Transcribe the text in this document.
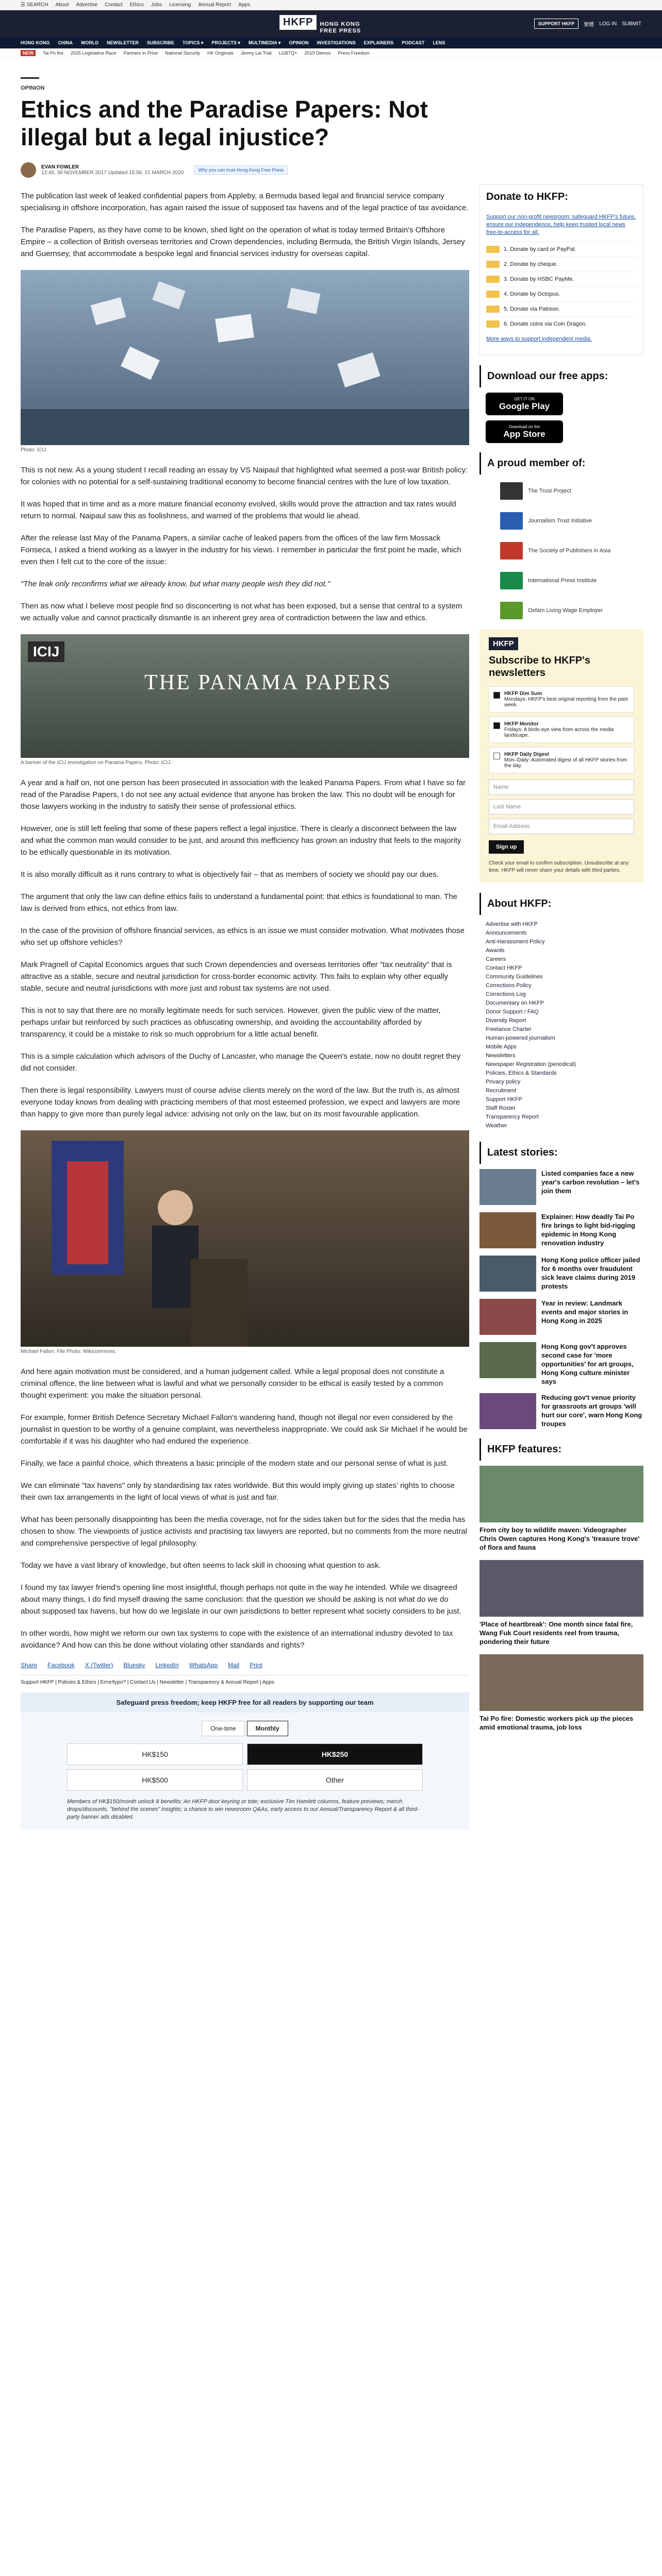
☰ SEARCH About Advertise Contact Ethics Jobs Licensing Annual Report Apps
HKFP	HONG KONG
FREE PRESS
SUPPORT HKFP	繁體 LOG IN SUBMIT
HONG KONG CHINA WORLD NEWSLETTER SUBSCRIBE TOPICS ▾ PROJECTS ▾ MULTIMEDIA ▾ OPINION INVESTIGATIONS EXPLAINERS PODCAST LENS
NEW	Tai Po fire 2025 Legislative Race Partners in Prize National Security HK Originals Jimmy Lai Trial LGBTQ+ 2019 Demos Press Freedom
OPINION
Ethics and the Paradise Papers: Not illegal but a legal injustice?
EVAN FOWLER
12:45, 30 NOVEMBER 2017 Updated 15:56, 21 MARCH 2020	Why you can trust Hong Kong Free Press

The publication last week of leaked confidential papers from Appleby, a Bermuda based legal and financial service company specialising in offshore incorporation, has again raised the issue of supposed tax havens and of the legal practice of tax avoidance.

The Paradise Papers, as they have come to be known, shed light on the operation of what is today termed Britain's Offshore Empire – a collection of British overseas territories and Crown dependencies, including Bermuda, the British Virgin Islands, Jersey and Guernsey, that accommodate a bespoke legal and financial services industry for overseas capital.

Photo: iCIJ.

This is not new. As a young student I recall reading an essay by VS Naipaul that highlighted what seemed a post-war British policy: for colonies with no potential for a self-sustaining traditional economy to become financial centres with the lure of low taxation.

It was hoped that in time and as a more mature financial economy evolved, skills would prove the attraction and tax rates would return to normal. Naipaul saw this as foolishness, and warned of the problems that would lie ahead.

After the release last May of the Panama Papers, a similar cache of leaked papers from the offices of the law firm Mossack Fonseca, I asked a friend working as a lawyer in the industry for his views. I remember in particular the first point he made, which even then I felt cut to the core of the issue:

"The leak only reconfirms what we already know, but what many people wish they did not."

Then as now what I believe most people find so disconcerting is not what has been exposed, but a sense that central to a system we actually value and cannot practically dismantle is an inherent grey area of contradiction between the law and ethics.

ICIJ
THE PANAMA PAPERS
A banner of the ICIJ investigation on Panama Papers. Photo: ICIJ.

A year and a half on, not one person has been prosecuted in association with the leaked Panama Papers. From what I have so far read of the Paradise Papers, I do not see any actual evidence that anyone has broken the law. This no doubt will be enough for those lawyers working in the industry to satisfy their sense of professional ethics.

However, one is still left feeling that some of these papers reflect a legal injustice. There is clearly a disconnect between the law and what the common man would consider to be just, and around this inefficiency has grown an industry that feels to the majority to be ethically questionable in its motivation.

It is also morally difficult as it runs contrary to what is objectively fair – that as members of society we should pay our dues.

The argument that only the law can define ethics fails to understand a fundamental point: that ethics is foundational to man. The law is derived from ethics, not ethics from law.

In the case of the provision of offshore financial services, as ethics is an issue we must consider motivation. What motivates those who set up offshore vehicles?

Mark Pragnell of Capital Economics argues that such Crown dependencies and overseas territories offer "tax neutrality" that is attractive as a stable, secure and neutral jurisdiction for cross-border economic activity. This fails to explain why other equally stable, secure and neutral jurisdictions with more just and robust tax systems are not used.

This is not to say that there are no morally legitimate needs for such services. However, given the public view of the matter, perhaps unfair but reinforced by such practices as obfuscating ownership, and avoiding the accountability afforded by transparency, it could be a mistake to risk so much opprobrium for a little actual benefit.

This is a simple calculation which advisors of the Duchy of Lancaster, who manage the Queen's estate, now no doubt regret they did not consider.

Then there is legal responsibility. Lawyers must of course advise clients merely on the word of the law. But the truth is, as almost everyone today knows from dealing with practicing members of that most esteemed profession, we expect and lawyers are more than happy to give more than purely legal advice: advising not only on the law, but on its most favourable application.

Michael Fallon. File Photo: Wikicommons.

And here again motivation must be considered, and a human judgement called. While a legal proposal does not constitute a criminal offence, the line between what is lawful and what we personally consider to be ethical is easily tested by a common thought experiment: you make the situation personal.

For example, former British Defence Secretary Michael Fallon's wandering hand, though not illegal nor even considered by the journalist in question to be worthy of a genuine complaint, was nevertheless inappropriate. We could ask Sir Michael if he would be comfortable if it was his daughter who had endured the experience.

Finally, we face a painful choice, which threatens a basic principle of the modern state and our personal sense of what is just.

We can eliminate "tax havens" only by standardising tax rates worldwide. But this would imply giving up states' rights to choose their own tax arrangements in the light of local views of what is just and fair.

What has been personally disappointing has been the media coverage, not for the sides taken but for the sides that the media has chosen to show. The viewpoints of justice activists and practising tax lawyers are reported, but no comments from the more neutral and comprehensive perspective of legal philosophy.

Today we have a vast library of knowledge, but often seems to lack skill in choosing what question to ask.

I found my tax lawyer friend's opening line most insightful, though perhaps not quite in the way he intended. While we disagreed about many things, I do find myself drawing the same conclusion: that the question we should be asking is not what do we do about supposed tax havens, but how do we legislate in our own jurisdictions to better represent what society considers to be just.

In other words, how might we reform our own tax systems to cope with the existence of an international industry devoted to tax avoidance? And how can this be done without violating other standards and rights?

Share Facebook X (Twitter) Bluesky LinkedIn WhatsApp Mail Print
Support HKFP | Policies & Ethics | Error/typo? | Contact Us | Newsletter | Transparency & Annual Report | Apps
Safeguard press freedom; keep HKFP free for all readers by supporting our team
One-time	Monthly
HK$150	HK$250
HK$500	Other
Members of HK$150/month unlock 8 benefits: An HKFP door keyring or tote; exclusive Tim Hamlett columns, feature previews; merch drops/discounts, "behind the scenes" insights; a chance to win newsroom Q&As, early access to our Annual/Transparency Report & all third-party banner ads disabled.
Donate to HKFP:

Support our non-profit newsroom: safeguard HKFP's future, ensure our independence, help keep trusted local news free-to-access for all.

1. Donate by card or PayPal.
2. Donate by cheque.
3. Donate by HSBC PayMe.
4. Donate by Octopus.
5. Donate via Patreon.
6. Donate coins via Coin Dragon.

More ways to support independent media.

Download our free apps:
GET IT ON
Google Play
Download on the
App Store
A proud member of:
The Trust Project
Journalism Trust Initiative
The Society of Publishers in Asia
International Press Institute
Oxfam Living Wage Employer
HKFP
Subscribe to HKFP's newsletters
HKFP Dim Sum
Mondays: HKFP's best original reporting from the past week.
HKFP Monitor
Fridays: A birds-eye view from across the media landscape.
HKFP Daily Digest
Mon–Daily: Automated digest of all HKFP stories from the day.
Name
Last Name
Email Address
Sign up
Check your email to confirm subscription. Unsubscribe at any time. HKFP will never share your details with third parties.
About HKFP:
Advertise with HKFP
Announcements
Anti-Harassment Policy
Awards
Careers
Contact HKFP
Community Guidelines
Corrections Policy
Corrections Log
Documentary on HKFP
Donor Support / FAQ
Diversity Report
Freelance Charter
Human-powered journalism
Mobile Apps
Newsletters
Newspaper Registration (periodical)
Policies, Ethics & Standards
Privacy policy
Recruitment
Support HKFP
Staff Roster
Transparency Report
Weather
Latest stories:
Listed companies face a new year's carbon revolution – let's join them
Explainer: How deadly Tai Po fire brings to light bid-rigging epidemic in Hong Kong renovation industry
Hong Kong police officer jailed for 6 months over fraudulent sick leave claims during 2019 protests
Year in review: Landmark events and major stories in Hong Kong in 2025
Hong Kong gov't approves second case for 'more opportunities' for art groups, Hong Kong culture minister says
Reducing gov't venue priority for grassroots art groups 'will hurt our core', warn Hong Kong troupes
HKFP features:
From city boy to wildlife maven: Videographer Chris Owen captures Hong Kong's 'treasure trove' of flora and fauna
'Place of heartbreak': One month since fatal fire, Wang Fuk Court residents reel from trauma, pondering their future
Tai Po fire: Domestic workers pick up the pieces amid emotional trauma, job loss
